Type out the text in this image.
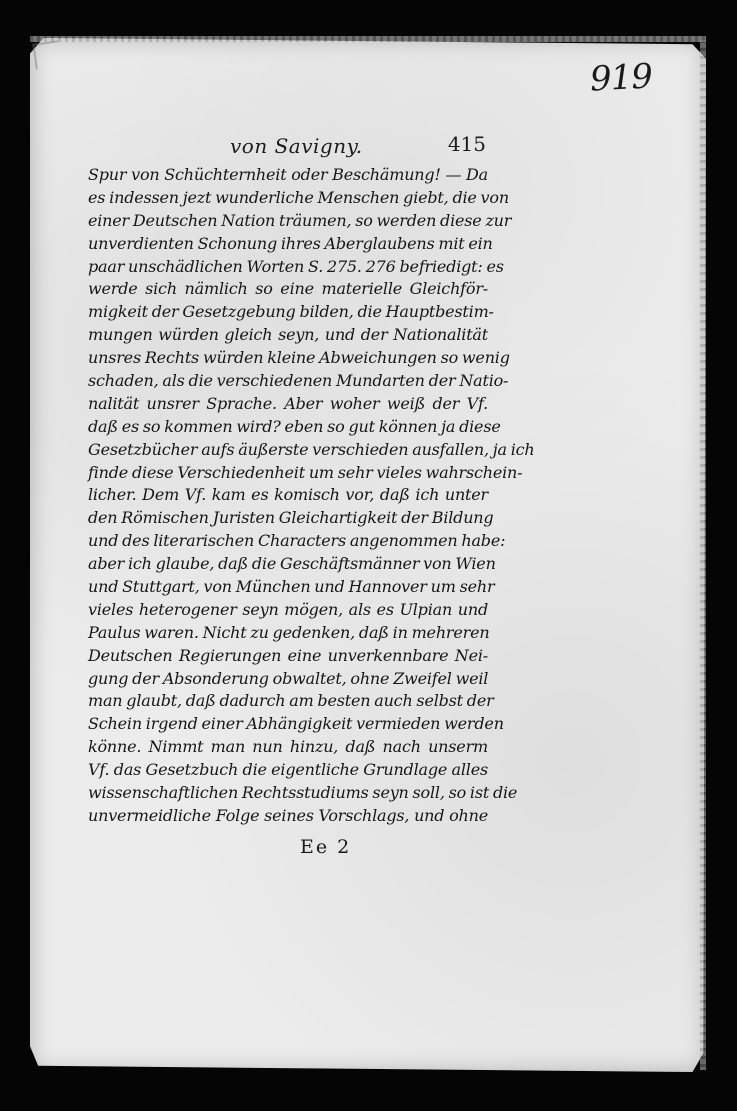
919
von Savigny.	415
Spur von Schüchternheit oder Beschämung! — Da
es indessen jezt wunderliche Menschen giebt, die von
einer Deutschen Nation träumen, so werden diese zur
unverdienten Schonung ihres Aberglaubens mit ein
paar unschädlichen Worten S. 275. 276 befriedigt: es
werde sich nämlich so eine materielle Gleichför-
migkeit der Gesetzgebung bilden, die Hauptbestim-
mungen würden gleich seyn, und der Nationalität
unsres Rechts würden kleine Abweichungen so wenig
schaden, als die verschiedenen Mundarten der Natio-
nalität unsrer Sprache. Aber woher weiß der Vf.
daß es so kommen wird? eben so gut können ja diese
Gesetzbücher aufs äußerste verschieden ausfallen, ja ich
finde diese Verschiedenheit um sehr vieles wahrschein-
licher. Dem Vf. kam es komisch vor, daß ich unter
den Römischen Juristen Gleichartigkeit der Bildung
und des literarischen Characters angenommen habe:
aber ich glaube, daß die Geschäftsmänner von Wien
und Stuttgart, von München und Hannover um sehr
vieles heterogener seyn mögen, als es Ulpian und
Paulus waren. Nicht zu gedenken, daß in mehreren
Deutschen Regierungen eine unverkennbare Nei-
gung der Absonderung obwaltet, ohne Zweifel weil
man glaubt, daß dadurch am besten auch selbst der
Schein irgend einer Abhängigkeit vermieden werden
könne. Nimmt man nun hinzu, daß nach unserm
Vf. das Gesetzbuch die eigentliche Grundlage alles
wissenschaftlichen Rechtsstudiums seyn soll, so ist die
unvermeidliche Folge seines Vorschlags, und ohne
Ee 2
